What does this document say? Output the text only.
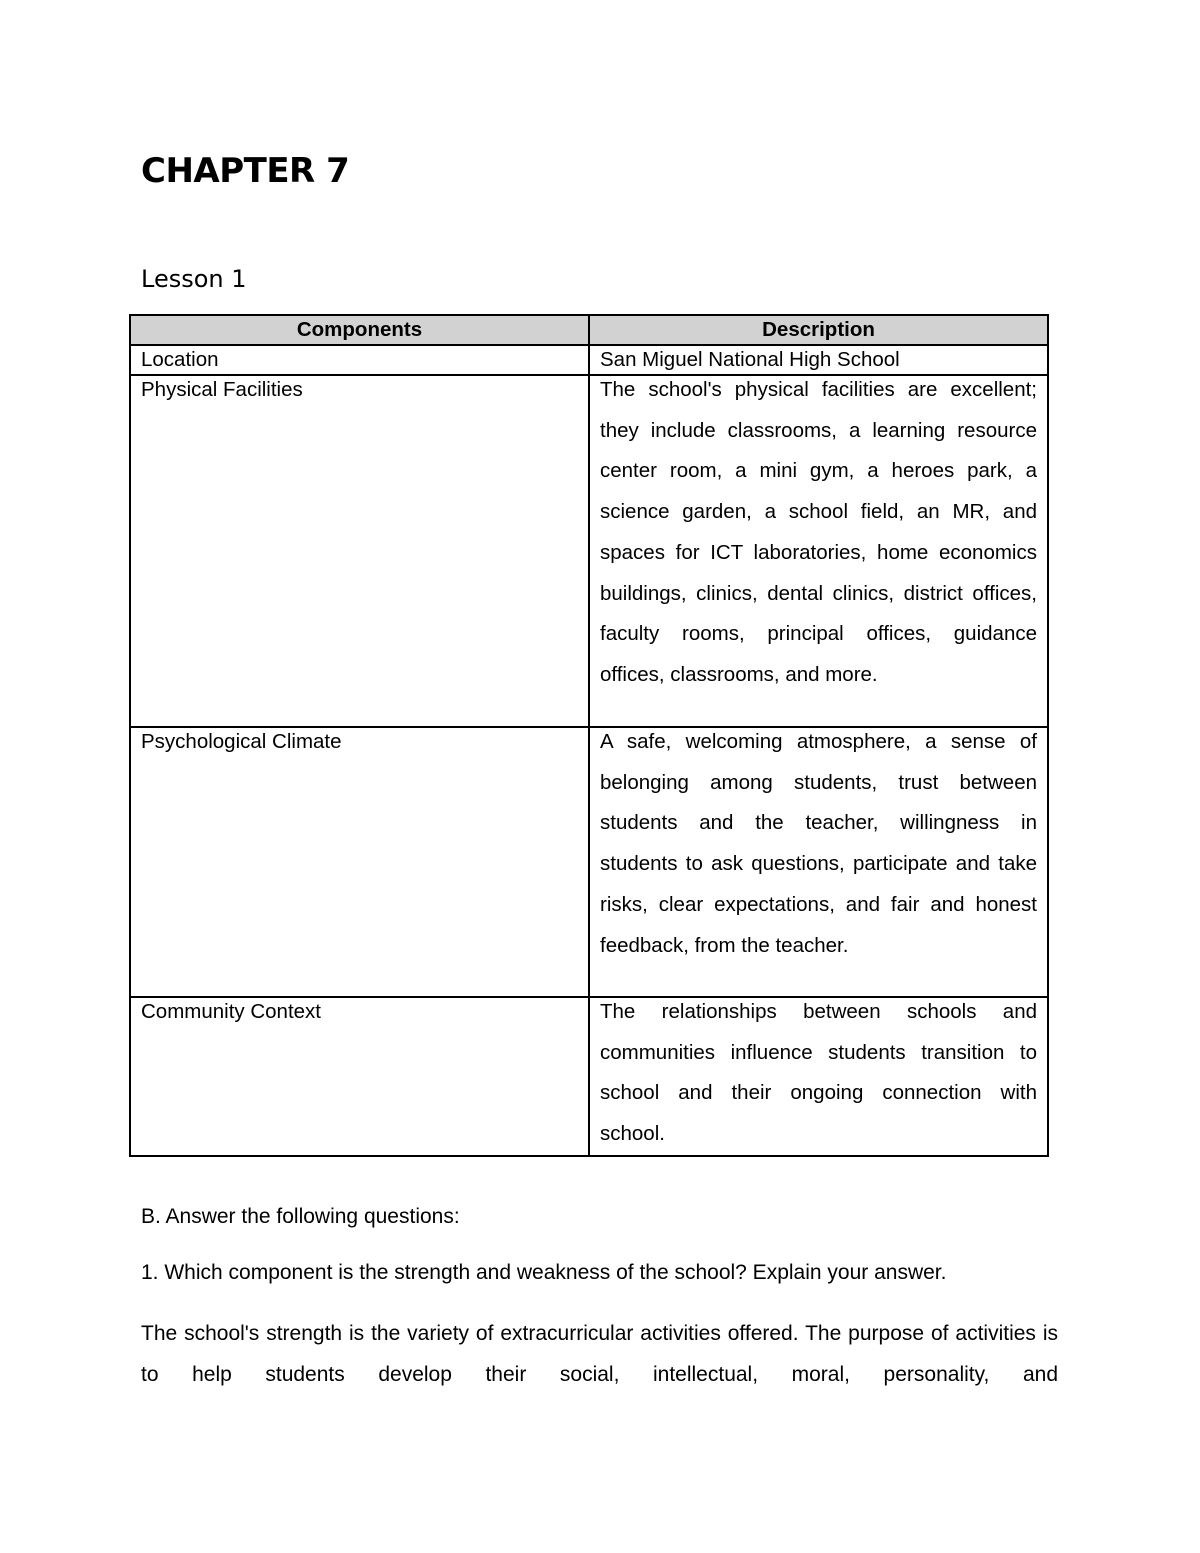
CHAPTER 7
Lesson 1
Components	Description
Location	San Miguel National High School
Physical Facilities	The school's physical facilities are excellent; they include classrooms, a learning resource center room, a mini gym, a heroes park, a science garden, a school field, an MR, and spaces for ICT laboratories, home economics buildings, clinics, dental clinics, district offices, faculty rooms, principal offices, guidance offices, classrooms, and more.

Psychological Climate	A safe, welcoming atmosphere, a sense of belonging among students, trust between students and the teacher, willingness in students to ask questions, participate and take risks, clear expectations, and fair and honest feedback, from the teacher.

Community Context	The relationships between schools and communities influence students transition to school and their ongoing connection with school.

B. Answer the following questions:

1. Which component is the strength and weakness of the school? Explain your answer.

The school's strength is the variety of extracurricular activities offered. The purpose of activities is to help students develop their social, intellectual, moral, personality, and
